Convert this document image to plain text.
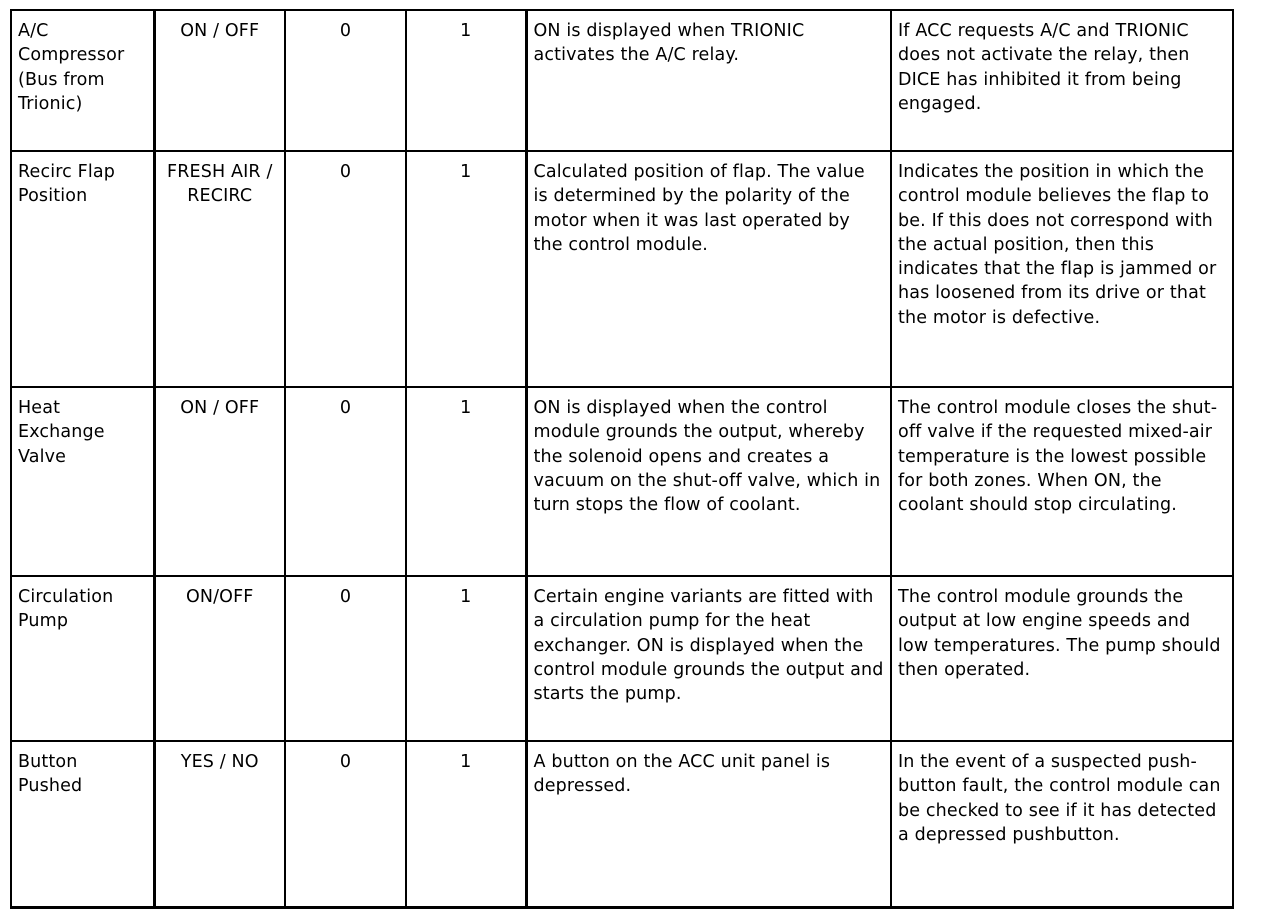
A/C Compressor (Bus from Trionic)	ON / OFF	0	1	ON is displayed when TRIONIC activates the A/C relay.	If ACC requests A/C and TRIONIC does not activate the relay, then DICE has inhibited it from being engaged.
Recirc Flap Position	FRESH AIR / RECIRC	0	1	Calculated position of flap. The value is determined by the polarity of the motor when it was last operated by the control module.	Indicates the position in which the control module believes the flap to be. If this does not correspond with the actual position, then this indicates that the flap is jammed or has loosened from its drive or that the motor is defective.
Heat Exchange Valve	ON / OFF	0	1	ON is displayed when the control module grounds the output, whereby the solenoid opens and creates a vacuum on the shut-off valve, which in turn stops the flow of coolant.	The control module closes the shut-off valve if the requested mixed-air temperature is the lowest possible for both zones. When ON, the coolant should stop circulating.
Circulation Pump	ON/OFF	0	1	Certain engine variants are fitted with a circulation pump for the heat exchanger. ON is displayed when the control module grounds the output and starts the pump.	The control module grounds the output at low engine speeds and low temperatures. The pump should then operated.
Button Pushed	YES / NO	0	1	A button on the ACC unit panel is depressed.	In the event of a suspected push-button fault, the control module can be checked to see if it has detected a depressed pushbutton.
